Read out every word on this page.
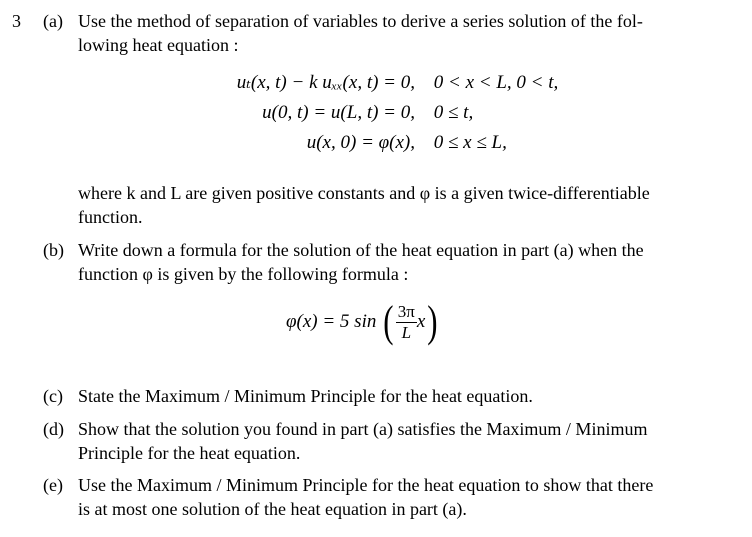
3 (a) Use the method of separation of variables to derive a series solution of the fol-
lowing heat equation :
uₜ(x, t) − k uₓₓ(x, t) = 0, 0 < x < L, 0 < t,
u(0, t) = u(L, t) = 0, 0 ≤ t,
u(x, 0) = φ(x), 0 ≤ x ≤ L,
where k and L are given positive constants and φ is a given twice-differentiable
function.
(b) Write down a formula for the solution of the heat equation in part (a) when the
function φ is given by the following formula :
φ(x) = 5 sin ( $\frac{3\pi}{L} x$)
(c) State the Maximum / Minimum Principle for the heat equation.
(d) Show that the solution you found in part (a) satisfies the Maximum / Minimum
Principle for the heat equation.
(e) Use the Maximum / Minimum Principle for the heat equation to show that there
is at most one solution of the heat equation in part (a).
